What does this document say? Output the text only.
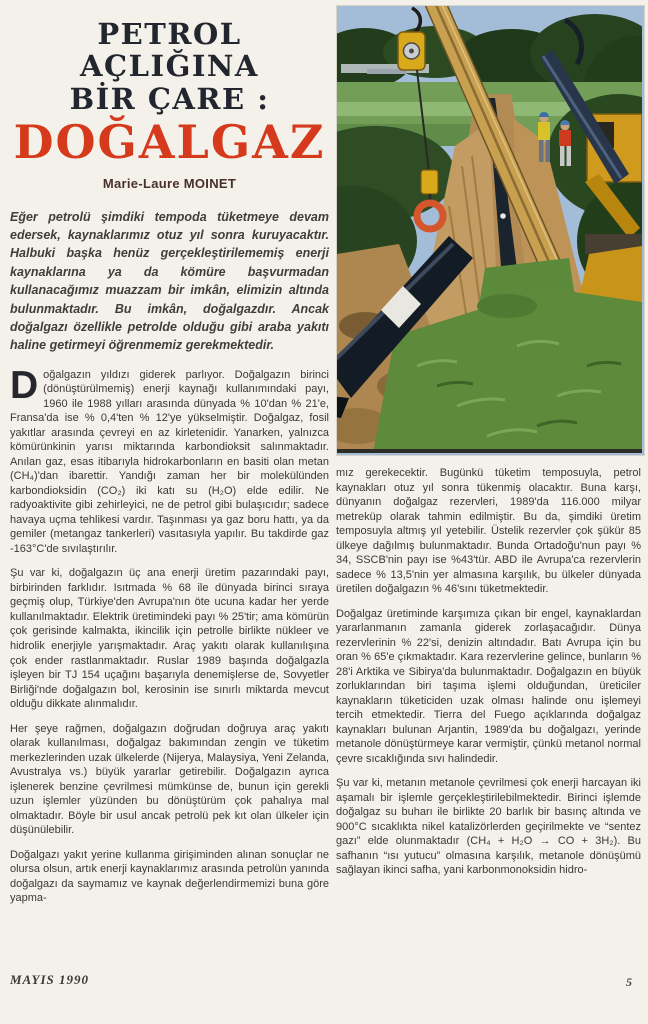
PETROL AÇLIĞINA
BİR ÇARE :
DOĞALGAZ
Marie-Laure MOINET

Eğer petrolü şimdiki tempoda tüketmeye devam edersek, kaynaklarımız otuz yıl sonra kuruyacaktır. Halbuki başka henüz gerçekleştirilememiş enerji kaynaklarına ya da kömüre başvurmadan kullanacağımız muazzam bir imkân, elimizin altında bulunmaktadır. Bu imkân, doğalgazdır. Ancak doğalgazı özellikle petrolde olduğu gibi araba yakıtı haline getirmeyi öğrenmemiz gerekmektedir.

Doğalgazın yıldızı giderek parlıyor. Doğalgazın birinci (dönüştürülmemiş) enerji kaynağı kullanımındaki payı, 1960 ile 1988 yılları arasında dünyada % 10'dan % 21'e, Fransa'da ise % 0,4'ten % 12'ye yükselmiştir. Doğalgaz, fosil yakıtlar arasında çevreyi en az kirletenidir. Yanarken, yalnızca kömürünkinin yarısı miktarında karbondioksit salınmaktadır. Anılan gaz, esas itibarıyla hidrokarbonların en basiti olan metan (CH₄)'dan ibarettir. Yandığı zaman her bir molekülünden karbondioksidin (CO₂) iki katı su (H₂O) elde edilir. Ne radyoaktivite gibi zehirleyici, ne de petrol gibi bulaşıcıdır; sadece havaya uçma tehlikesi vardır. Taşınması ya gaz boru hattı, ya da gemiler (metangaz tankerleri) vasıtasıyla yapılır. Bu takdirde gaz -163°C'de sıvılaştırılır.

Şu var ki, doğalgazın üç ana enerji üretim pazarındaki payı, birbirinden farklıdır. Isıtmada % 68 ile dünyada birinci sıraya geçmiş olup, Türkiye'den Avrupa'nın öte ucuna kadar her yerde kullanılmaktadır. Elektrik üretimindeki payı % 25'tir; ama kömürün çok gerisinde kalmakta, ikincilik için petrolle birlikte nükleer ve hidrolik enerjiyle yarışmaktadır. Araç yakıtı olarak kullanılışına çok ender rastlanmaktadır. Ruslar 1989 başında doğalgazla işleyen bir TJ 154 uçağını başarıyla denemişlerse de, Sovyetler Birliği'nde doğalgazın bol, kerosinin ise sınırlı miktarda mevcut olduğu dikkate alınmalıdır.

Her şeye rağmen, doğalgazın doğrudan doğruya araç yakıtı olarak kullanılması, doğalgaz bakımından zengin ve tüketim merkezlerinden uzak ülkelerde (Nijerya, Malaysiya, Yeni Zelanda, Avustralya vs.) büyük yararlar getirebilir. Doğalgazın ayrıca işlenerek benzine çevrilmesi mümkünse de, bunun için gerekli uzun işlemler yüzünden bu dönüştürüm çok pahalıya mal olmaktadır. Böyle bir usul ancak petrolü pek kıt olan ülkeler için düşünülebilir.

Doğalgazı yakıt yerine kullanma girişiminden alınan sonuçlar ne olursa olsun, artık enerji kaynaklarımız arasında petrolün yanında doğalgazı da saymamız ve kaynak değerlendirmemizi buna göre yapma-

mız gerekecektir. Bugünkü tüketim temposuyla, petrol kaynakları otuz yıl sonra tükenmiş olacaktır. Buna karşı, dünyanın doğalgaz rezervleri, 1989'da 116.000 milyar metreküp olarak tahmin edilmiştir. Bu da, şimdiki üretim temposuyla altmış yıl yetebilir. Üstelik rezervler çok şükür 85 ülkeye dağılmış bulunmaktadır. Bunda Ortadoğu'nun payı % 34, SSCB'nin payı ise %43'tür. ABD ile Avrupa'ca rezervlerin sadece % 13,5'nin yer almasına karşılık, bu ülkeler dünyada üretilen doğalgazın % 46'sını tüketmektedir.

Doğalgaz üretiminde karşımıza çıkan bir engel, kaynaklardan yararlanmanın zamanla giderek zorlaşacağıdır. Dünya rezervlerinin % 22'si, denizin altındadır. Batı Avrupa için bu oran % 65'e çıkmaktadır. Kara rezervlerine gelince, bunların % 28'i Arktika ve Sibirya'da bulunmaktadır. Doğalgazın en büyük zorluklarından biri taşıma işlemi olduğundan, üreticiler kaynakların tüketiciden uzak olması halinde onu işlemeyi tercih etmektedir. Tierra del Fuego açıklarında doğalgaz kaynakları bulunan Arjantin, 1989'da bu doğalgazı, yerinde metanole dönüştürmeye karar vermiştir, çünkü metanol normal çevre sıcaklığında sıvı halindedir.

Şu var ki, metanın metanole çevrilmesi çok enerji harcayan iki aşamalı bir işlemle gerçekleştirilebilmektedir. Birinci işlemde doğalgaz su buharı ile birlikte 20 barlık bir basınç altında ve 900°C sıcaklıkta nikel katalizörlerden geçirilmekte ve “sentez gazı” elde olunmaktadır (CH₄ + H₂O → CO + 3H₂). Bu safhanın “ısı yutucu” olmasına karşılık, metanole dönüşümü sağlayan ikinci safha, yani karbonmonoksidin hidro-

MAYIS 1990	5
